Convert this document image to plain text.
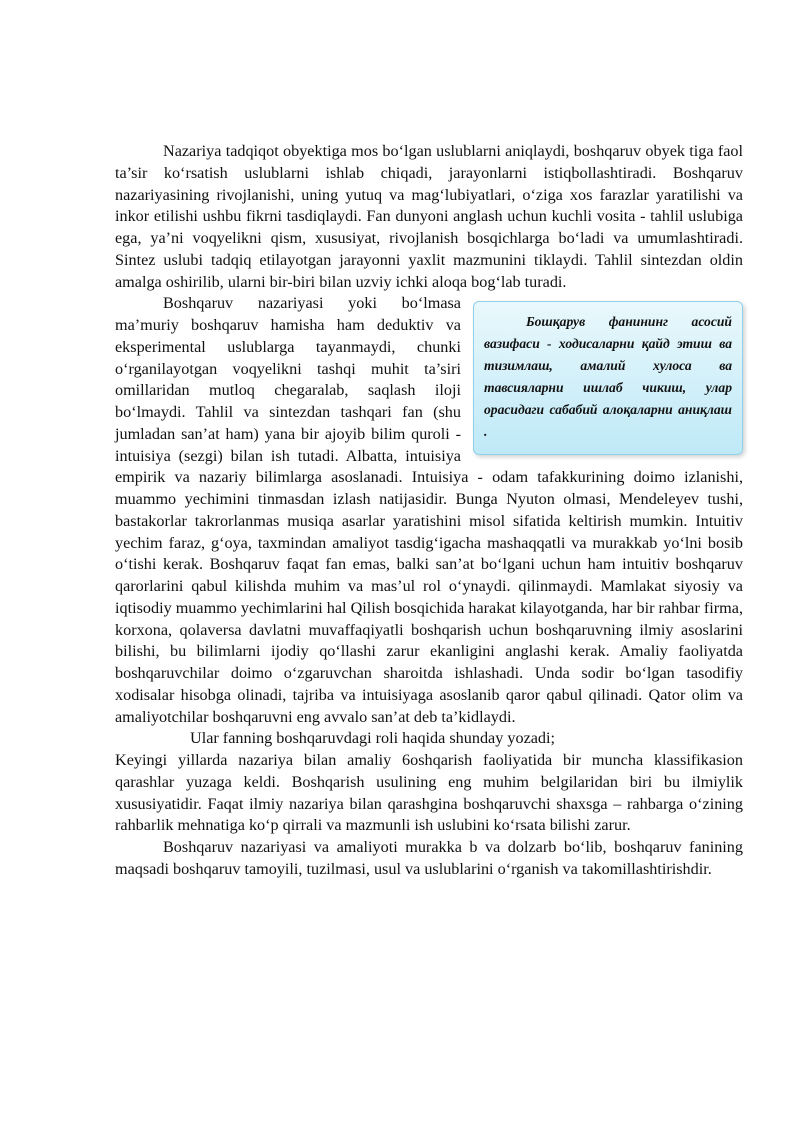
Nazariya tadqiqot obyektiga mos bo‘lgan uslublarni aniqlaydi, boshqaruv obyek tiga faol ta’sir ko‘rsatish uslublarni ishlab chiqadi, jarayonlarni istiqbollashtiradi. Boshqaruv nazariyasining rivojlanishi, uning yutuq va mag‘lubiyatlari, o‘ziga xos farazlar yaratilishi va inkor etilishi ushbu fikrni tasdiqlaydi. Fan dunyoni anglash uchun kuchli vosita - tahlil uslubiga ega, ya’ni voqyelikni qism, xususiyat, rivojlanish bosqichlarga bo‘ladi va umumlashtiradi. Sintez uslubi tadqiq etilayotgan jarayonni yaxlit mazmunini tiklaydi. Tahlil sintezdan oldin amalga oshirilib, ularni bir-biri bilan uzviy ichki aloqa bog‘lab turadi.

Бошқарув фанининг асосий вазифаси - ходисаларни қайд этиш ва тизимлаш, амалий хулоса ва тавсияларни ишлаб чикиш, улар орасидаги сабабий алоқаларни аниқлаш .

Boshqaruv nazariyasi yoki bo‘lmasa ma’muriy boshqaruv hamisha ham deduktiv va eksperimental uslublarga tayanmaydi, chunki o‘rganilayotgan voqyelikni tashqi muhit ta’siri omillaridan mutloq chegaralab, saqlash iloji bo‘lmaydi. Tahlil va sintezdan tashqari fan (shu jumladan san’at ham) yana bir ajoyib bilim quroli - intuisiya (sezgi) bilan ish tutadi. Albatta, intuisiya empirik va nazariy bilimlarga asoslanadi. Intuisiya - odam tafakkurining doimo izlanishi, muammo yechimini tinmasdan izlash natijasidir. Bunga Nyuton olmasi, Mendeleyev tushi, bastakorlar takrorlanmas musiqa asarlar yaratishini misol sifatida keltirish mumkin. Intuitiv yechim faraz, g‘oya, taxmindan amaliyot tasdig‘igacha mashaqqatli va murakkab yo‘lni bosib o‘tishi kerak. Boshqaruv faqat fan emas, balki san’at bo‘lgani uchun ham intuitiv boshqaruv qarorlarini qabul kilishda muhim va mas’ul rol o‘ynaydi. qilinmaydi. Mamlakat siyosiy va iqtisodiy muammo yechimlarini hal Qilish bosqichida harakat kilayotganda, har bir rahbar firma, korxona, qolaversa davlatni muvaffaqiyatli boshqarish uchun boshqaruvning ilmiy asoslarini bilishi, bu bilimlarni ijodiy qo‘llashi zarur ekanligini anglashi kerak. Amaliy faoliyatda boshqaruvchilar doimo o‘zgaruvchan sharoitda ishlashadi. Unda sodir bo‘lgan tasodifiy xodisalar hisobga olinadi, tajriba va intuisiyaga asoslanib qaror qabul qilinadi. Qator olim va amaliyotchilar boshqaruvni eng avvalo san’at deb ta’kidlaydi.

Ular fanning boshqaruvdagi roli haqida shunday yozadi;

Keyingi yillarda nazariya bilan amaliy 6oshqarish faoliyatida bir muncha klassifikasion qarashlar yuzaga keldi. Boshqarish usulining eng muhim belgilaridan biri bu ilmiylik xususiyatidir. Faqat ilmiy nazariya bilan qarashgina boshqaruvchi shaxsga – rahbarga o‘zining rahbarlik mehnatiga ko‘p qirrali va mazmunli ish uslubini ko‘rsata bilishi zarur.

Boshqaruv nazariyasi va amaliyoti murakka b va dolzarb bo‘lib, boshqaruv fanining maqsadi boshqaruv tamoyili, tuzilmasi, usul va uslublarini o‘rganish va takomillashtirishdir.
